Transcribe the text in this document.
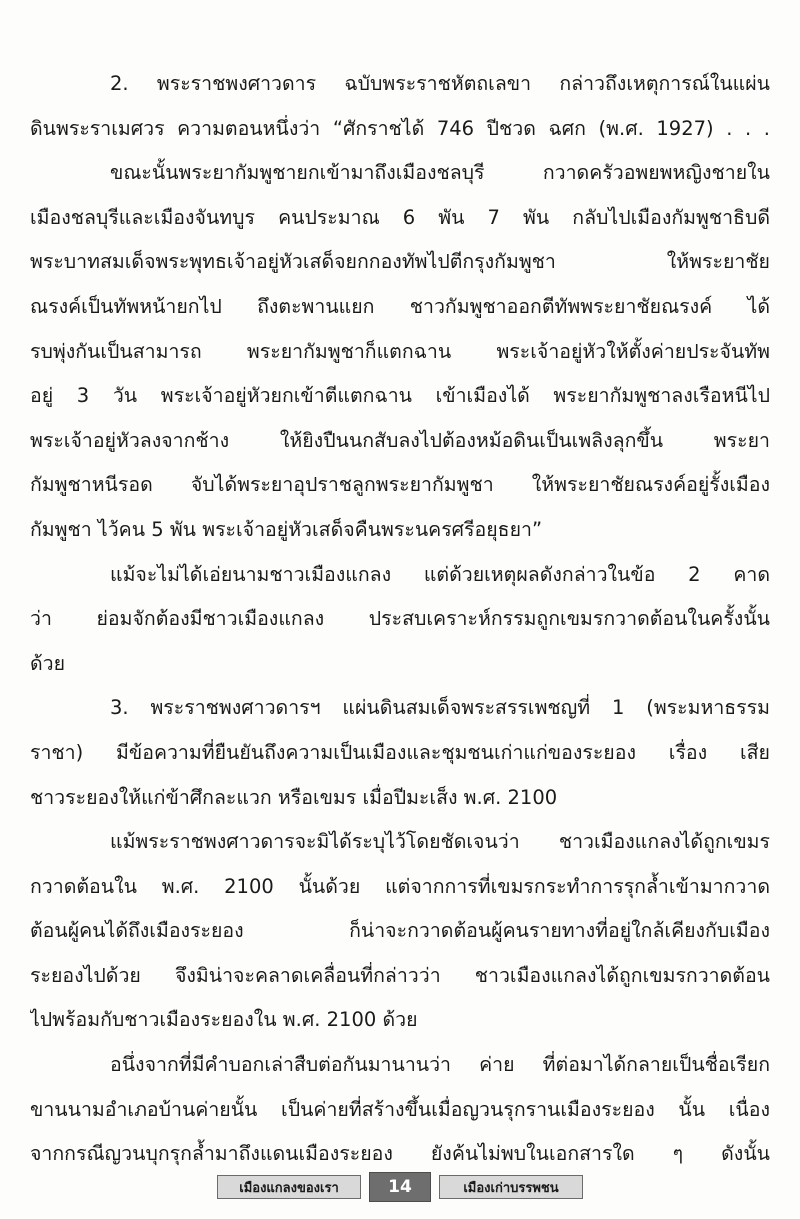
2. พระราชพงศาวดาร ฉบับพระราชหัตถเลขา กล่าวถึงเหตุการณ์ในแผ่น
ดินพระราเมศวร ความตอนหนึ่งว่า “ศักราชได้ 746 ปีชวด ฉศก (พ.ศ. 1927) . . .
ขณะนั้นพระยากัมพูชายกเข้ามาถึงเมืองชลบุรี กวาดครัวอพยพหญิงชายใน
เมืองชลบุรีและเมืองจันทบูร คนประมาณ 6 พัน 7 พัน กลับไปเมืองกัมพูชาธิบดี
พระบาทสมเด็จพระพุทธเจ้าอยู่หัวเสด็จยกกองทัพไปตีกรุงกัมพูชา ให้พระยาชัย
ณรงค์เป็นทัพหน้ายกไป ถึงตะพานแยก ชาวกัมพูชาออกตีทัพพระยาชัยณรงค์ ได้
รบพุ่งกันเป็นสามารถ พระยากัมพูชาก็แตกฉาน พระเจ้าอยู่หัวให้ตั้งค่ายประจันทัพ
อยู่ 3 วัน พระเจ้าอยู่หัวยกเข้าตีแตกฉาน เข้าเมืองได้ พระยากัมพูชาลงเรือหนีไป
พระเจ้าอยู่หัวลงจากช้าง ให้ยิงปืนนกสับลงไปต้องหม้อดินเป็นเพลิงลุกขึ้น พระยา
กัมพูชาหนีรอด จับได้พระยาอุปราชลูกพระยากัมพูชา ให้พระยาชัยณรงค์อยู่รั้งเมือง
กัมพูชา ไว้คน 5 พัน พระเจ้าอยู่หัวเสด็จคืนพระนครศรีอยุธยา”
แม้จะไม่ได้เอ่ยนามชาวเมืองแกลง แต่ด้วยเหตุผลดังกล่าวในข้อ 2 คาด
ว่า ย่อมจักต้องมีชาวเมืองแกลง ประสบเคราะห์กรรมถูกเขมรกวาดต้อนในครั้งนั้น
ด้วย
3. พระราชพงศาวดารฯ แผ่นดินสมเด็จพระสรรเพชญที่ 1 (พระมหาธรรม
ราชา) มีข้อความที่ยืนยันถึงความเป็นเมืองและชุมชนเก่าแก่ของระยอง เรื่อง เสีย
ชาวระยองให้แก่ข้าศึกละแวก หรือเขมร เมื่อปีมะเส็ง พ.ศ. 2100
แม้พระราชพงศาวดารจะมิได้ระบุไว้โดยชัดเจนว่า ชาวเมืองแกลงได้ถูกเขมร
กวาดต้อนใน พ.ศ. 2100 นั้นด้วย แต่จากการที่เขมรกระทำการรุกล้ำเข้ามากวาด
ต้อนผู้คนได้ถึงเมืองระยอง ก็น่าจะกวาดต้อนผู้คนรายทางที่อยู่ใกล้เคียงกับเมือง
ระยองไปด้วย จึงมิน่าจะคลาดเคลื่อนที่กล่าวว่า ชาวเมืองแกลงได้ถูกเขมรกวาดต้อน
ไปพร้อมกับชาวเมืองระยองใน พ.ศ. 2100 ด้วย
อนึ่งจากที่มีคำบอกเล่าสืบต่อกันมานานว่า ค่าย ที่ต่อมาได้กลายเป็นชื่อเรียก
ขานนามอำเภอบ้านค่ายนั้น เป็นค่ายที่สร้างขึ้นเมื่อญวนรุกรานเมืองระยอง นั้น เนื่อง
จากกรณีญวนบุกรุกล้ำมาถึงแดนเมืองระยอง ยังค้นไม่พบในเอกสารใด ๆ ดังนั้น
เมืองแกลงของเรา	14	เมืองเก่าบรรพชน
